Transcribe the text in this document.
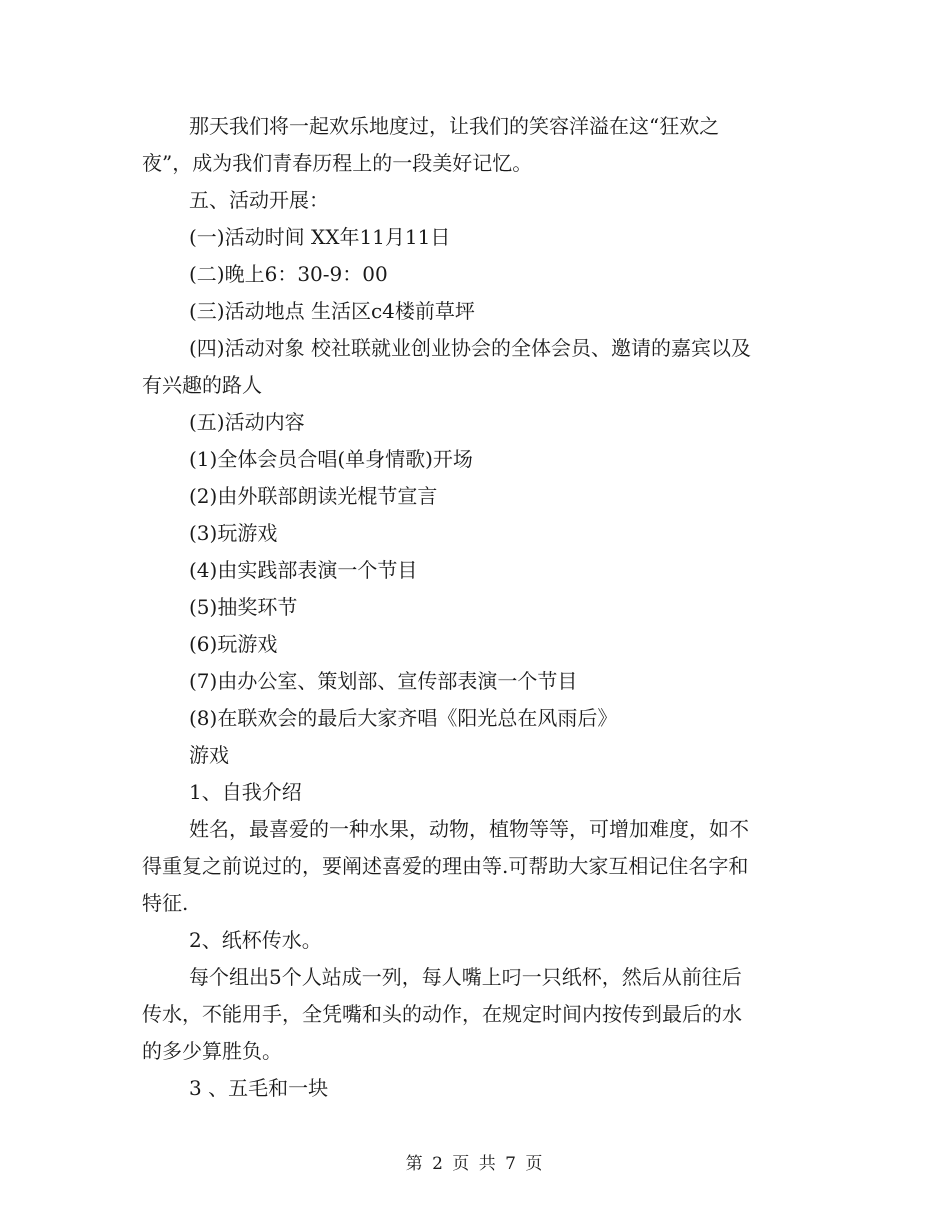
那天我们将一起欢乐地度过，让我们的笑容洋溢在这“狂欢之
夜”，成为我们青春历程上的一段美好记忆。
五、活动开展：
(一)活动时间 XX年11月11日
(二)晚上6：30-9：00
(三)活动地点 生活区c4楼前草坪
(四)活动对象 校社联就业创业协会的全体会员、邀请的嘉宾以及
有兴趣的路人
(五)活动内容
(1)全体会员合唱(单身情歌)开场
(2)由外联部朗读光棍节宣言
(3)玩游戏
(4)由实践部表演一个节目
(5)抽奖环节
(6)玩游戏
(7)由办公室、策划部、宣传部表演一个节目
(8)在联欢会的最后大家齐唱《阳光总在风雨后》
游戏
1、自我介绍
姓名，最喜爱的一种水果，动物，植物等等，可增加难度，如不
得重复之前说过的，要阐述喜爱的理由等.可帮助大家互相记住名字和
特征.
2、纸杯传水。
每个组出5个人站成一列，每人嘴上叼一只纸杯，然后从前往后
传水，不能用手，全凭嘴和头的动作，在规定时间内按传到最后的水
的多少算胜负。
3 、五毛和一块
第 2 页 共 7 页
